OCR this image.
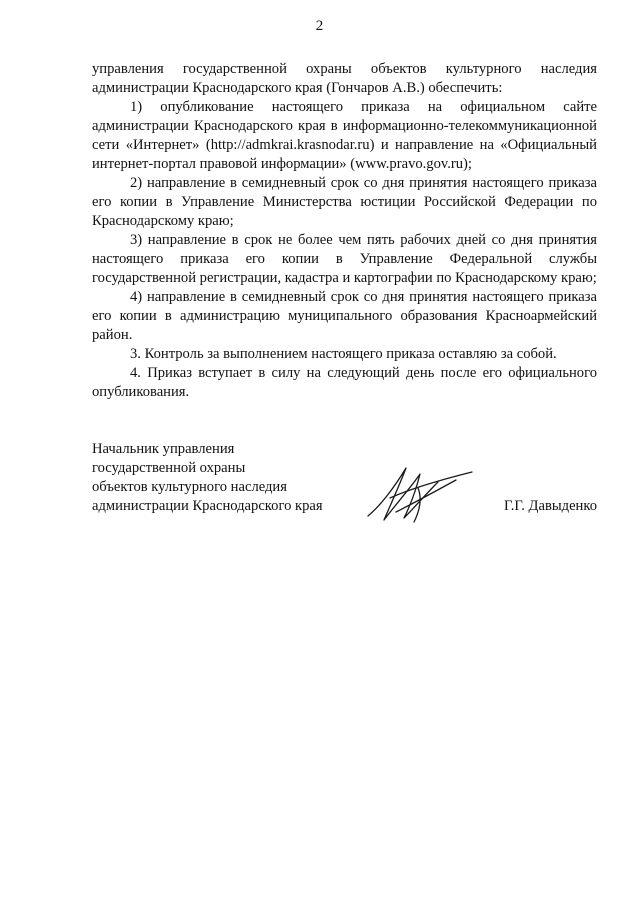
2

управления государственной охраны объектов культурного наследия администрации Краснодарского края (Гончаров А.В.) обеспечить:

1) опубликование настоящего приказа на официальном сайте администрации Краснодарского края в информационно-телекоммуникационной сети «Интернет» (http://admkrai.krasnodar.ru) и направление на «Официальный интернет-портал правовой информации» (www.pravo.gov.ru);

2) направление в семидневный срок со дня принятия настоящего приказа его копии в Управление Министерства юстиции Российской Федерации по Краснодарскому краю;

3) направление в срок не более чем пять рабочих дней со дня принятия настоящего приказа его копии в Управление Федеральной службы государственной регистрации, кадастра и картографии по Краснодарскому краю;

4) направление в семидневный срок со дня принятия настоящего приказа его копии в администрацию муниципального образования Красноармейский район.

3. Контроль за выполнением настоящего приказа оставляю за собой.

4. Приказ вступает в силу на следующий день после его официального опубликования.

Начальник управления
государственной охраны
объектов культурного наследия
администрации Краснодарского края	Г.Г. Давыденко
